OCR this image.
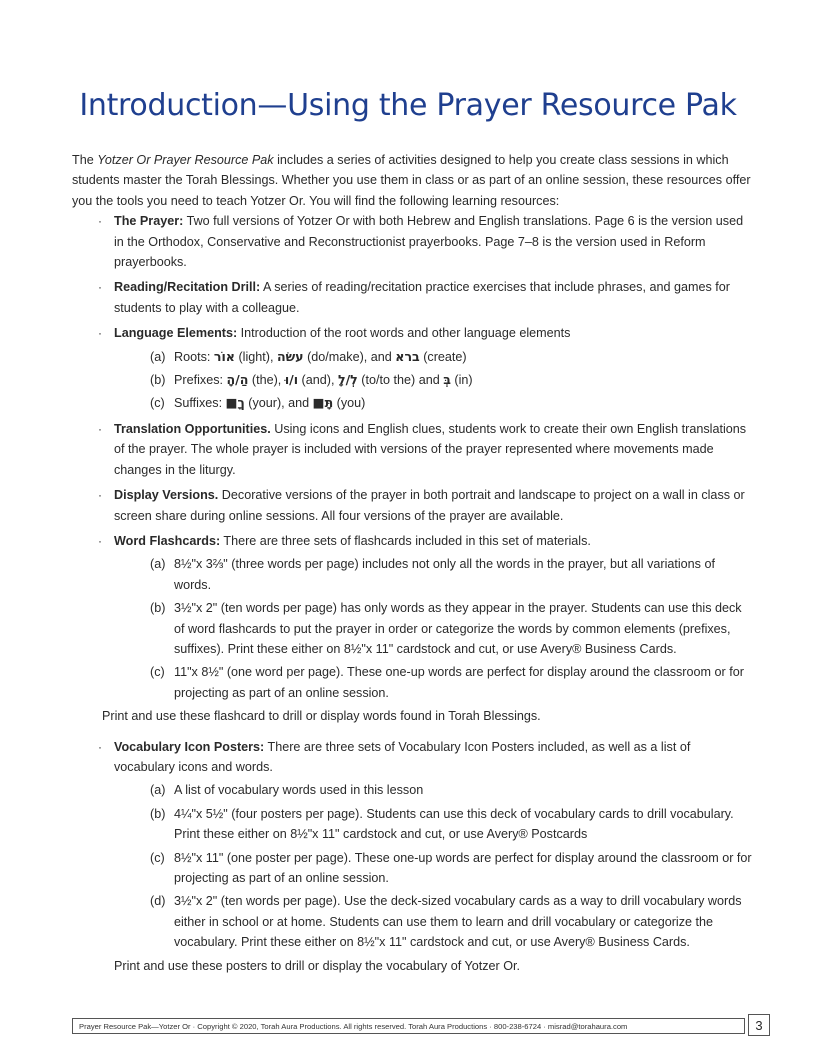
Introduction—Using the Prayer Resource Pak

The Yotzer Or Prayer Resource Pak includes a series of activities designed to help you create class sessions in which students master the Torah Blessings. Whether you use them in class or as part of an online session, these resources offer you the tools you need to teach Yotzer Or. You will find the following learning resources:

· The Prayer: Two full versions of Yotzer Or with both Hebrew and English translations. Page 6 is the version used in the Orthodox, Conservative and Reconstructionist prayerbooks. Page 7–8 is the version used in Reform prayerbooks.
· Reading/Recitation Drill: A series of reading/recitation practice exercises that include phrases, and games for students to play with a colleague.
· Language Elements: Introduction of the root words and other language elements
(a) Roots: אוֹר (light), עשׂה (do/make), and ברא (create)
(b) Prefixes: הַ/הָ (the), ו/וּ (and), לְ/לָ (to/to the) and בְּ (in)
(c) Suffixes: ךָ■ (your), and תָּ■ (you)
· Translation Opportunities. Using icons and English clues, students work to create their own English translations of the prayer. The whole prayer is included with versions of the prayer represented where movements made changes in the liturgy.
· Display Versions. Decorative versions of the prayer in both portrait and landscape to project on a wall in class or screen share during online sessions. All four versions of the prayer are available.
· Word Flashcards: There are three sets of flashcards included in this set of materials.
(a) 8½"x 3⅔" (three words per page) includes not only all the words in the prayer, but all variations of words.
(b) 3½"x 2" (ten words per page) has only words as they appear in the prayer. Students can use this deck of word flashcards to put the prayer in order or categorize the words by common elements (prefixes, suffixes). Print these either on 8½"x 11" cardstock and cut, or use Avery® Business Cards.
(c) 11"x 8½" (one word per page). These one-up words are perfect for display around the classroom or for projecting as part of an online session.

Print and use these flashcard to drill or display words found in Torah Blessings.

· Vocabulary Icon Posters: There are three sets of Vocabulary Icon Posters included, as well as a list of vocabulary icons and words.
(a) A list of vocabulary words used in this lesson
(b) 4¼"x 5½" (four posters per page). Students can use this deck of vocabulary cards to drill vocabulary. Print these either on 8½"x 11" cardstock and cut, or use Avery® Postcards
(c) 8½"x 11" (one poster per page). These one-up words are perfect for display around the classroom or for projecting as part of an online session.
(d) 3½"x 2" (ten words per page). Use the deck-sized vocabulary cards as a way to drill vocabulary words either in school or at home. Students can use them to learn and drill vocabulary or categorize the vocabulary. Print these either on 8½"x 11" cardstock and cut, or use Avery® Business Cards.

Print and use these posters to drill or display the vocabulary of Yotzer Or.

Prayer Resource Pak—Yotzer Or · Copyright © 2020, Torah Aura Productions. All rights reserved. Torah Aura Productions · 800-238-6724 · misrad@torahaura.com	3
